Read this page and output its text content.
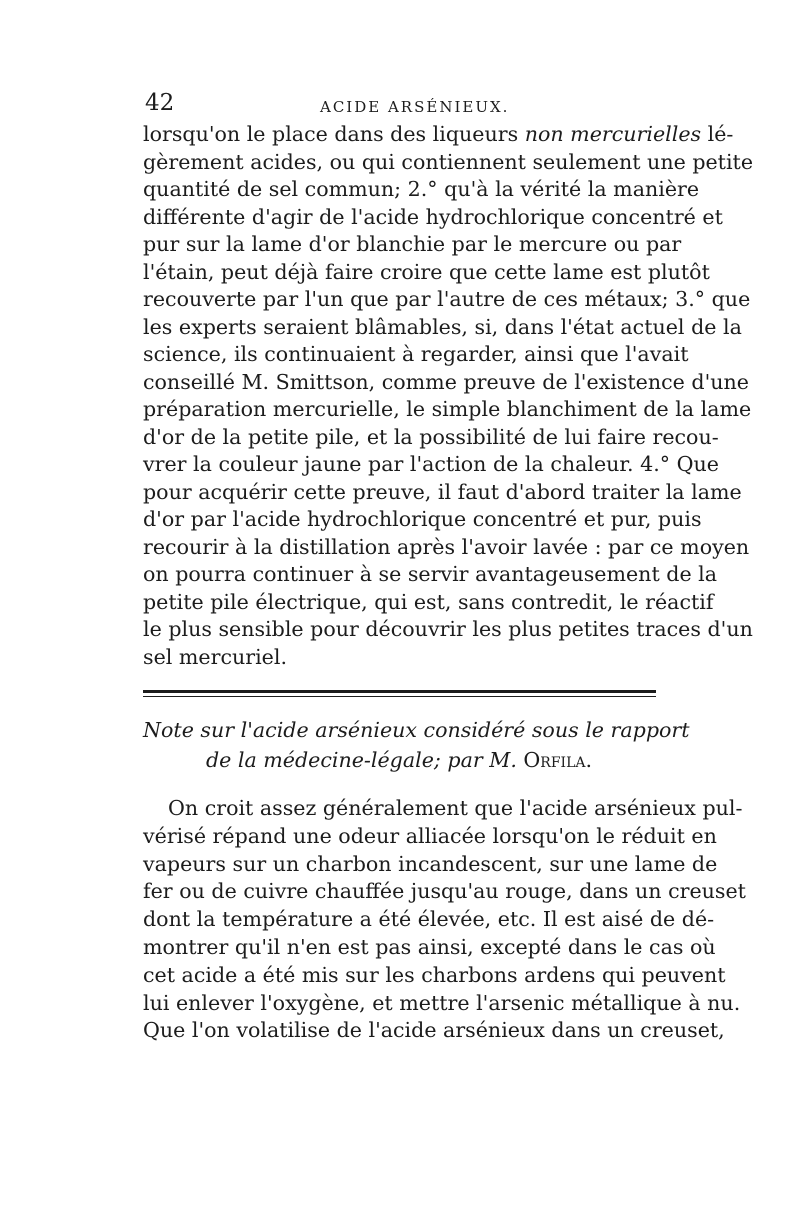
42	ACIDE ARSÉNIEUX.
lorsqu'on le place dans des liqueurs non mercurielles lé-
gèrement acides, ou qui contiennent seulement une petite
quantité de sel commun; 2.° qu'à la vérité la manière
différente d'agir de l'acide hydrochlorique concentré et
pur sur la lame d'or blanchie par le mercure ou par
l'étain, peut déjà faire croire que cette lame est plutôt
recouverte par l'un que par l'autre de ces métaux; 3.° que
les experts seraient blâmables, si, dans l'état actuel de la
science, ils continuaient à regarder, ainsi que l'avait
conseillé M. Smittson, comme preuve de l'existence d'une
préparation mercurielle, le simple blanchiment de la lame
d'or de la petite pile, et la possibilité de lui faire recou-
vrer la couleur jaune par l'action de la chaleur. 4.° Que
pour acquérir cette preuve, il faut d'abord traiter la lame
d'or par l'acide hydrochlorique concentré et pur, puis
recourir à la distillation après l'avoir lavée : par ce moyen
on pourra continuer à se servir avantageusement de la
petite pile électrique, qui est, sans contredit, le réactif
le plus sensible pour découvrir les plus petites traces d'un
sel mercuriel.
Note sur l'acide arsénieux considéré sous le rapport
de la médecine-légale; par M. Orfila.
On croit assez généralement que l'acide arsénieux pul-
vérisé répand une odeur alliacée lorsqu'on le réduit en
vapeurs sur un charbon incandescent, sur une lame de
fer ou de cuivre chauffée jusqu'au rouge, dans un creuset
dont la température a été élevée, etc. Il est aisé de dé-
montrer qu'il n'en est pas ainsi, excepté dans le cas où
cet acide a été mis sur les charbons ardens qui peuvent
lui enlever l'oxygène, et mettre l'arsenic métallique à nu.
Que l'on volatilise de l'acide arsénieux dans un creuset,
